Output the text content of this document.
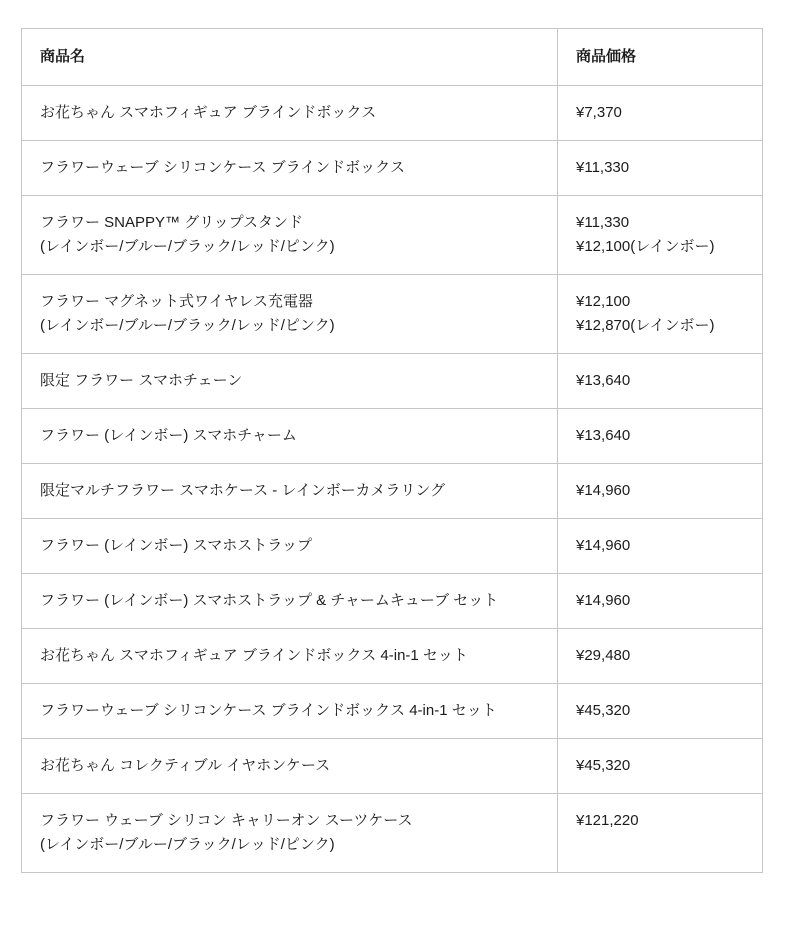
商品名	商品価格

お花ちゃん スマホフィギュア ブラインドボックス	¥7,370

フラワーウェーブ シリコンケース ブラインドボックス	¥11,330

フラワー SNAPPY™ グリップスタンド
(レインボー/ブルー/ブラック/レッド/ピンク)	¥11,330
¥12,100(レインボー)

フラワー マグネット式ワイヤレス充電器
(レインボー/ブルー/ブラック/レッド/ピンク)	¥12,100
¥12,870(レインボー)

限定 フラワー スマホチェーン	¥13,640

フラワー (レインボー) スマホチャーム	¥13,640

限定マルチフラワー スマホケース - レインボーカメラリング	¥14,960

フラワー (レインボー) スマホストラップ	¥14,960

フラワー (レインボー) スマホストラップ & チャームキューブ セット	¥14,960

お花ちゃん スマホフィギュア ブラインドボックス 4-in-1 セット	¥29,480

フラワーウェーブ シリコンケース ブラインドボックス 4-in-1 セット	¥45,320

お花ちゃん コレクティブル イヤホンケース	¥45,320

フラワー ウェーブ シリコン キャリーオン スーツケース
(レインボー/ブルー/ブラック/レッド/ピンク)	¥121,220
